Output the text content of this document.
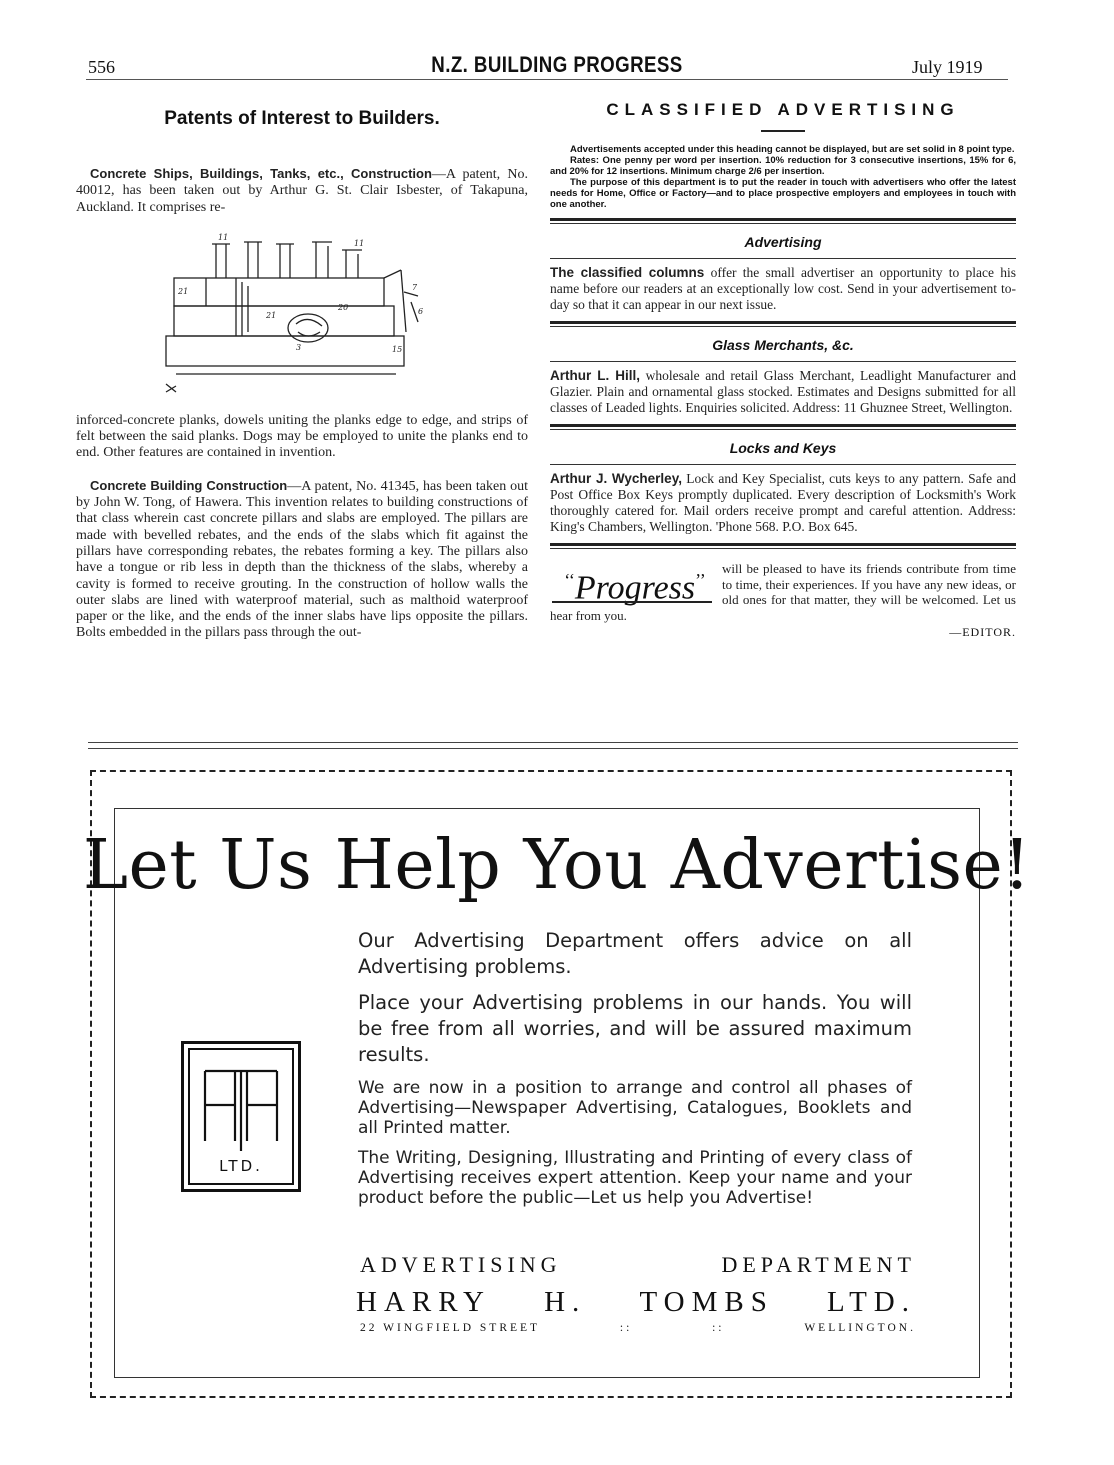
556	N.Z. BUILDING PROGRESS	July 1919
Patents of Interest to Builders.

Concrete Ships, Buildings, Tanks, etc., Construction—A patent, No. 40012, has been taken out by Arthur G. St. Clair Isbester, of Takapuna, Auckland. It comprises re-

21
11
11
21
20
7
6
15
3

inforced-concrete planks, dowels uniting the planks edge to edge, and strips of felt between the said planks. Dogs may be employed to unite the planks end to end. Other features are contained in invention.

Concrete Building Construction—A patent, No. 41345, has been taken out by John W. Tong, of Hawera. This invention relates to building constructions of that class wherein cast concrete pillars and slabs are employed. The pillars are made with bevelled rebates, and the ends of the slabs which fit against the pillars have corresponding rebates, the rebates forming a key. The pillars also have a tongue or rib less in depth than the thickness of the slabs, whereby a cavity is formed to receive grouting. In the construction of hollow walls the outer slabs are lined with waterproof material, such as malthoid waterproof paper or the like, and the ends of the inner slabs have lips opposite the pillars. Bolts embedded in the pillars pass through the out-

CLASSIFIED ADVERTISING

Advertisements accepted under this heading cannot be displayed, but are set solid in 8 point type.

Rates: One penny per word per insertion. 10% reduction for 3 consecutive insertions, 15% for 6, and 20% for 12 insertions. Minimum charge 2/6 per insertion.

The purpose of this department is to put the reader in touch with advertisers who offer the latest needs for Home, Office or Factory—and to place prospective employers and employees in touch with one another.

Advertising

The classified columns offer the small advertiser an opportunity to place his name before our readers at an exceptionally low cost. Send in your advertisement to-day so that it can appear in our next issue.

Glass Merchants, &c.

Arthur L. Hill, wholesale and retail Glass Merchant, Leadlight Manufacturer and Glazier. Plain and ornamental glass stocked. Estimates and Designs submitted for all classes of Leaded lights. Enquiries solicited. Address: 11 Ghuznee Street, Wellington.

Locks and Keys

Arthur J. Wycherley, Lock and Key Specialist, cuts keys to any pattern. Safe and Post Office Box Keys promptly duplicated. Every description of Locksmith's Work thoroughly catered for. Mail orders receive prompt and careful attention. Address: King's Chambers, Wellington. 'Phone 568. P.O. Box 645.

‘‘Progress’’

will be pleased to have its friends contribute from time to time, their experiences. If you have any new ideas, or old ones for that matter, they will be welcomed. Let us hear from you.

—EDITOR.
Let Us Help You Advertise!
LTD.

Our Advertising Department offers advice on all Advertising problems.

Place your Advertising problems in our hands. You will be free from all worries, and will be assured maximum results.

We are now in a position to arrange and control all phases of Advertising—Newspaper Advertising, Catalogues, Booklets and all Printed matter.

The Writing, Designing, Illustrating and Printing of every class of Advertising receives expert attention. Keep your name and your product before the public—Let us help you Advertise!

ADVERTISING	DEPARTMENT
HARRY H. TOMBS LTD.
22 WINGFIELD STREET	::	::	WELLINGTON.
